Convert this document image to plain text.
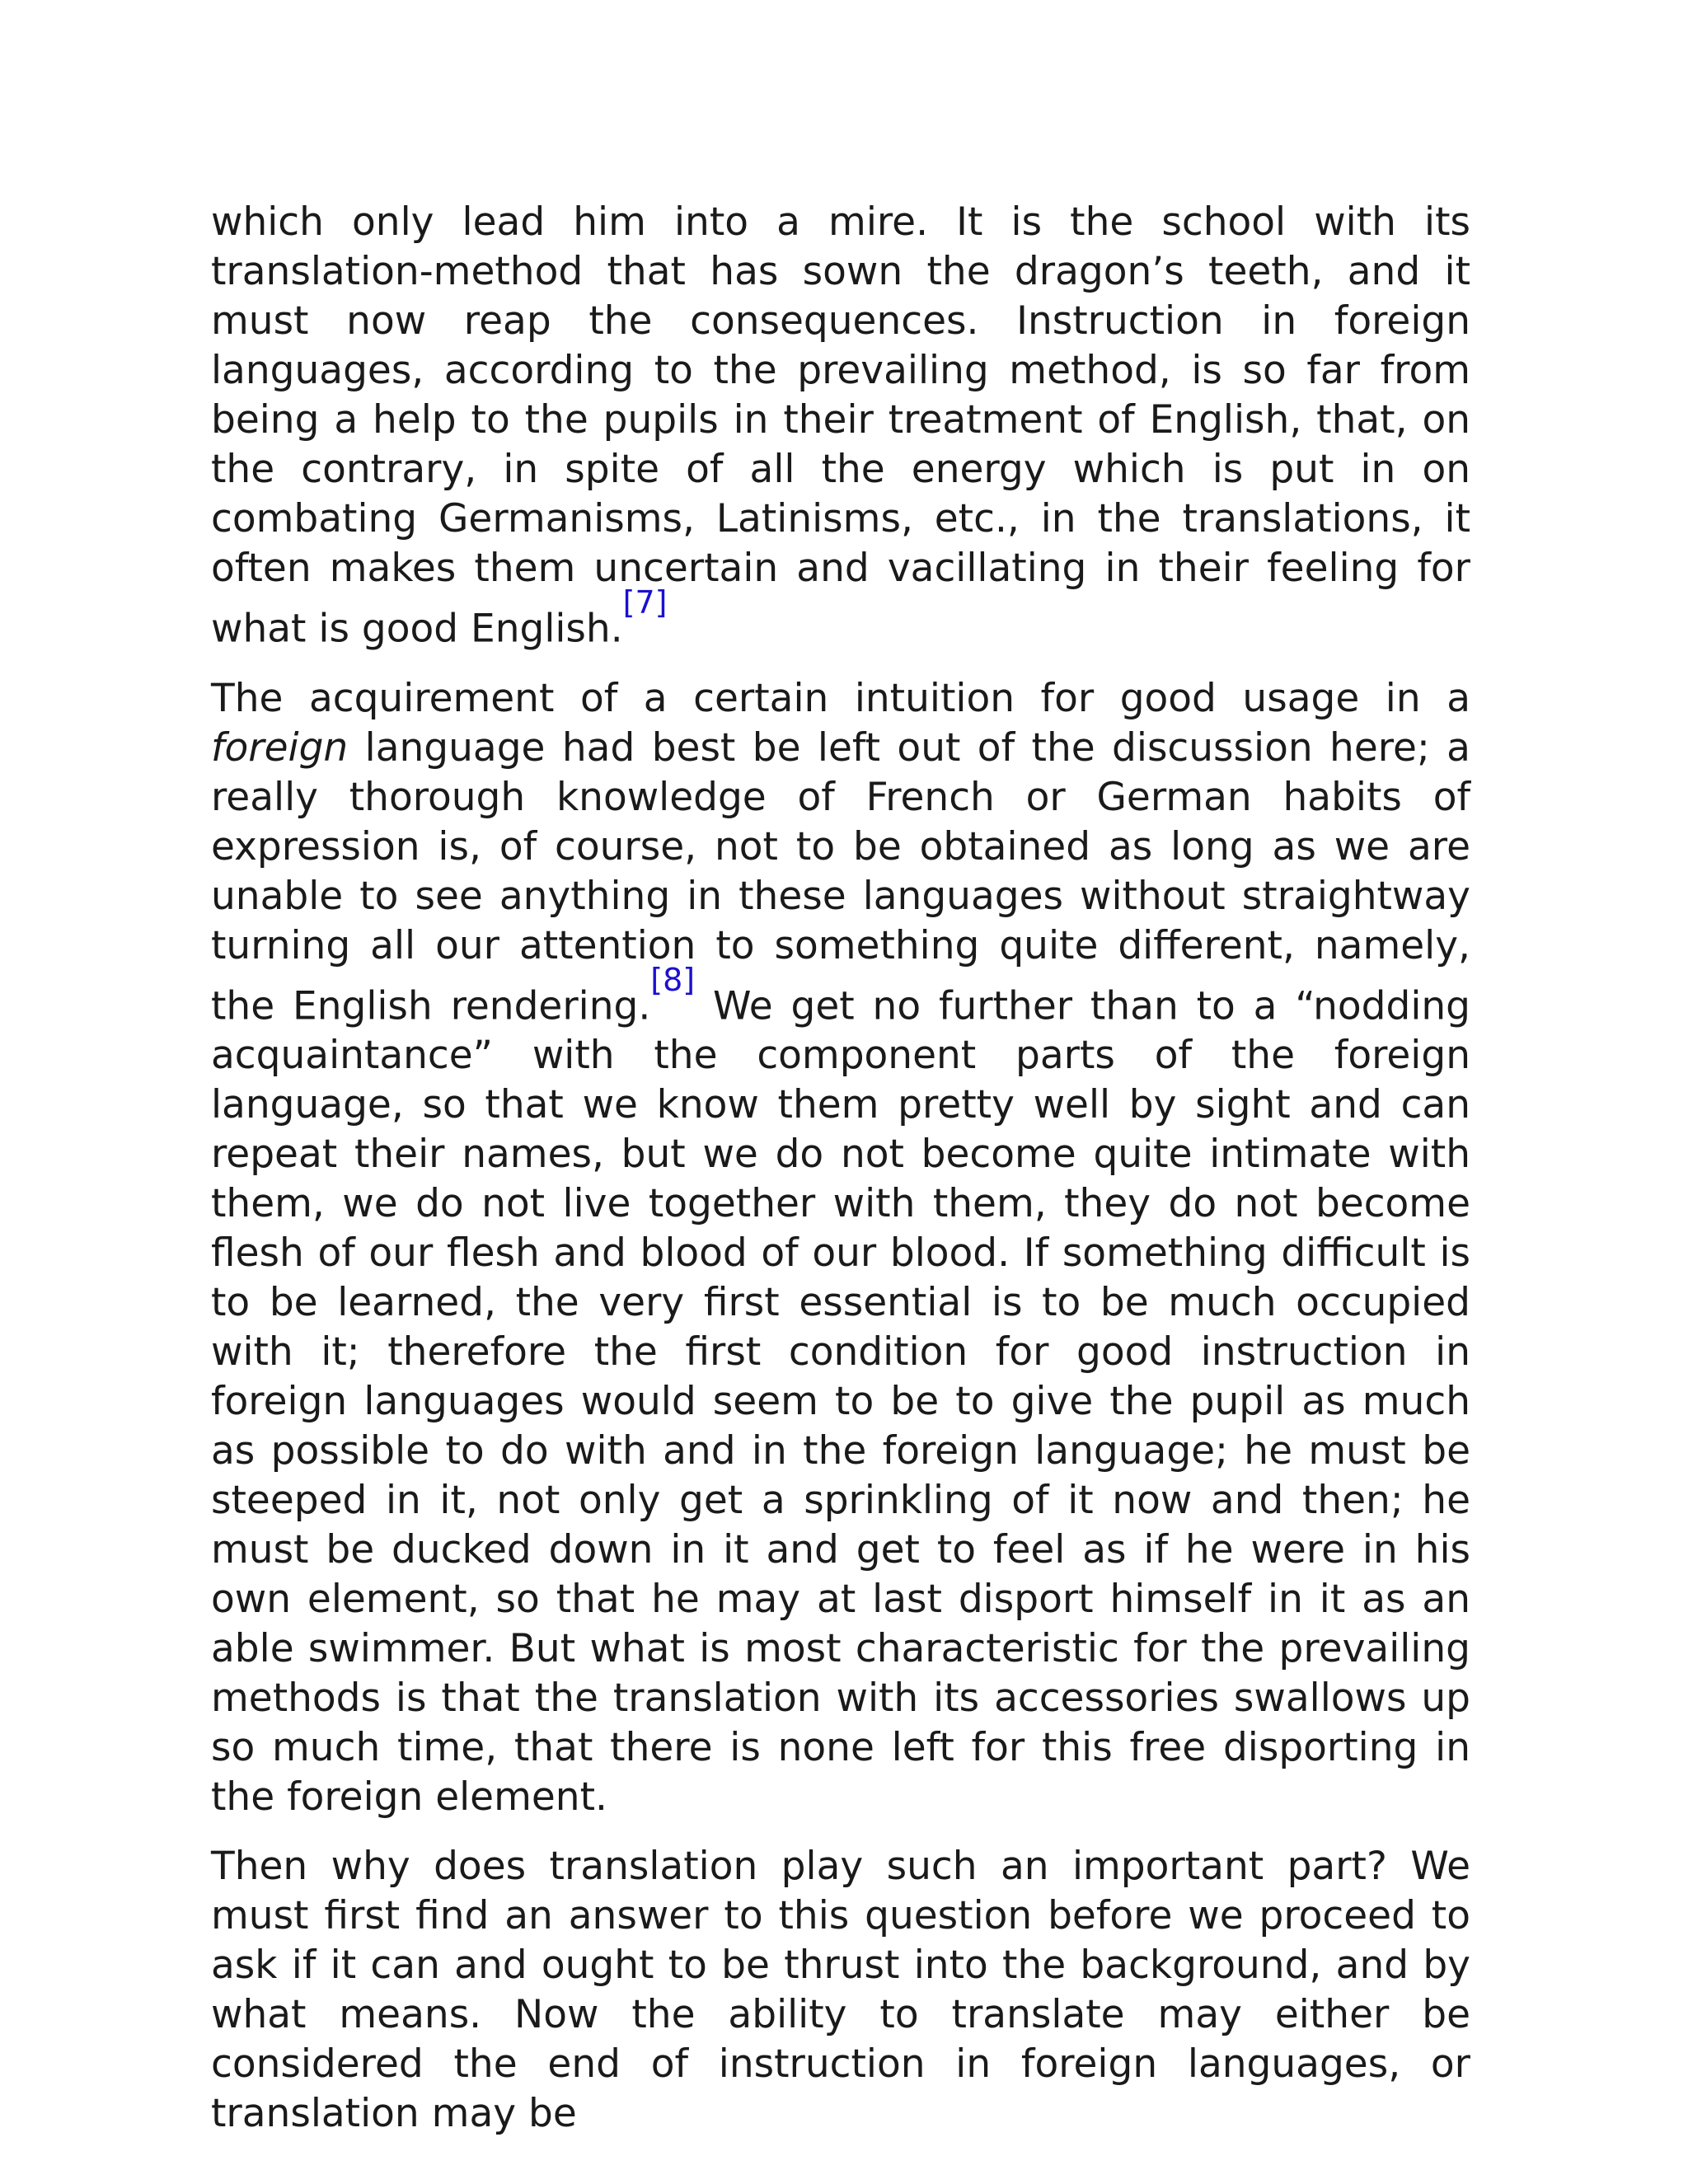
which only lead him into a mire. It is the school with its translation-method that has sown the dragon’s teeth, and it must now reap the consequences. Instruction in foreign languages, according to the prevailing method, is so far from being a help to the pupils in their treatment of English, that, on the contrary, in spite of all the energy which is put in on combating Germanisms, Latinisms, etc., in the translations, it often makes them uncertain and vacillating in their feeling for what is good English.[7]

The acquirement of a certain intuition for good usage in a foreign language had best be left out of the discussion here; a really thorough knowledge of French or German habits of expression is, of course, not to be obtained as long as we are unable to see anything in these languages without straightway turning all our attention to something quite different, namely, the English rendering.[8] We get no further than to a “nodding acquaintance” with the component parts of the foreign language, so that we know them pretty well by sight and can repeat their names, but we do not become quite intimate with them, we do not live together with them, they do not become flesh of our flesh and blood of our blood. If something difficult is to be learned, the very first essential is to be much occupied with it; therefore the first condition for good instruction in foreign languages would seem to be to give the pupil as much as possible to do with and in the foreign language; he must be steeped in it, not only get a sprinkling of it now and then; he must be ducked down in it and get to feel as if he were in his own element, so that he may at last disport himself in it as an able swimmer. But what is most characteristic for the prevailing methods is that the translation with its accessories swallows up so much time, that there is none left for this free disporting in the foreign element.

Then why does translation play such an important part? We must first find an answer to this question before we proceed to ask if it can and ought to be thrust into the background, and by what means. Now the ability to translate may either be considered the end of instruction in foreign languages, or translation may be
